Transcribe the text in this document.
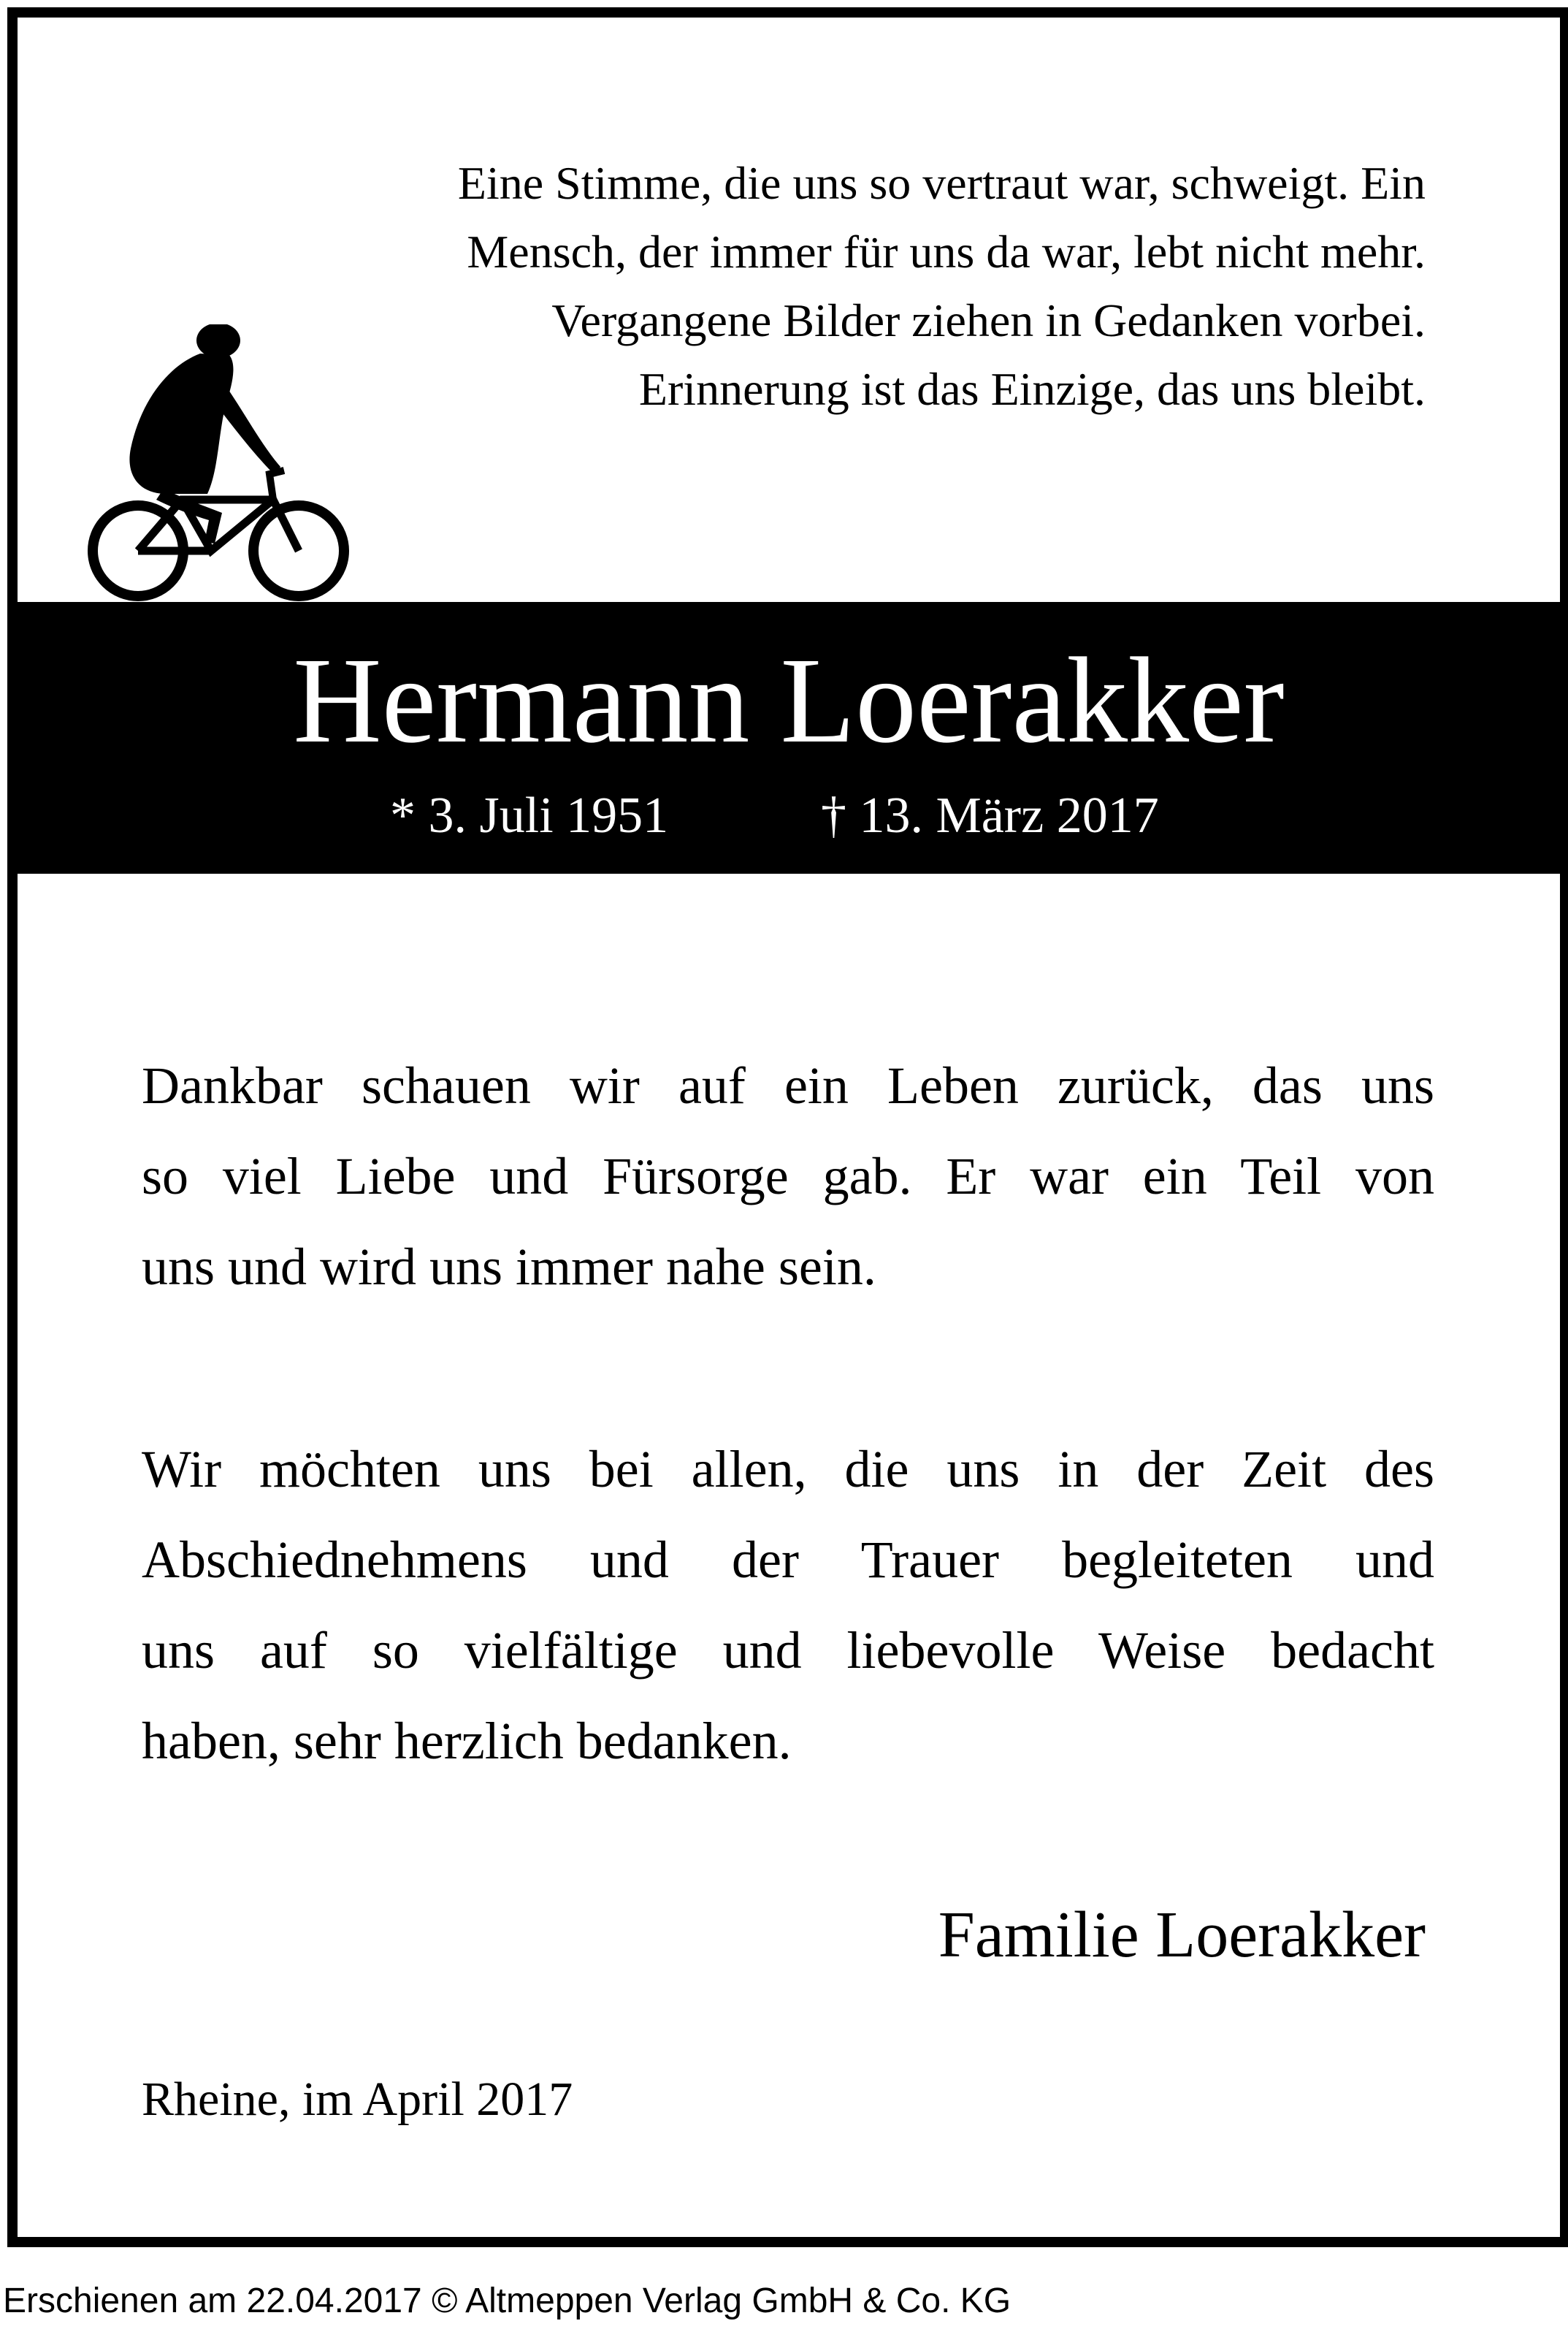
Eine Stimme, die uns so vertraut war, schweigt. Ein
Mensch, der immer für uns da war, lebt nicht mehr.
Vergangene Bilder ziehen in Gedanken vorbei.
Erinnerung ist das Einzige, das uns bleibt.
Hermann Loerakker
* 3. Juli 1951	† 13. März 2017
Dankbar schauen wir auf ein Leben zurück, das uns
so viel Liebe und Fürsorge gab. Er war ein Teil von
uns und wird uns immer nahe sein.
Wir möchten uns bei allen, die uns in der Zeit des
Abschiednehmens und der Trauer begleiteten und
uns auf so vielfältige und liebevolle Weise bedacht
haben, sehr herzlich bedanken.
Familie Loerakker
Rheine, im April 2017
Erschienen am 22.04.2017 © Altmeppen Verlag GmbH & Co. KG
